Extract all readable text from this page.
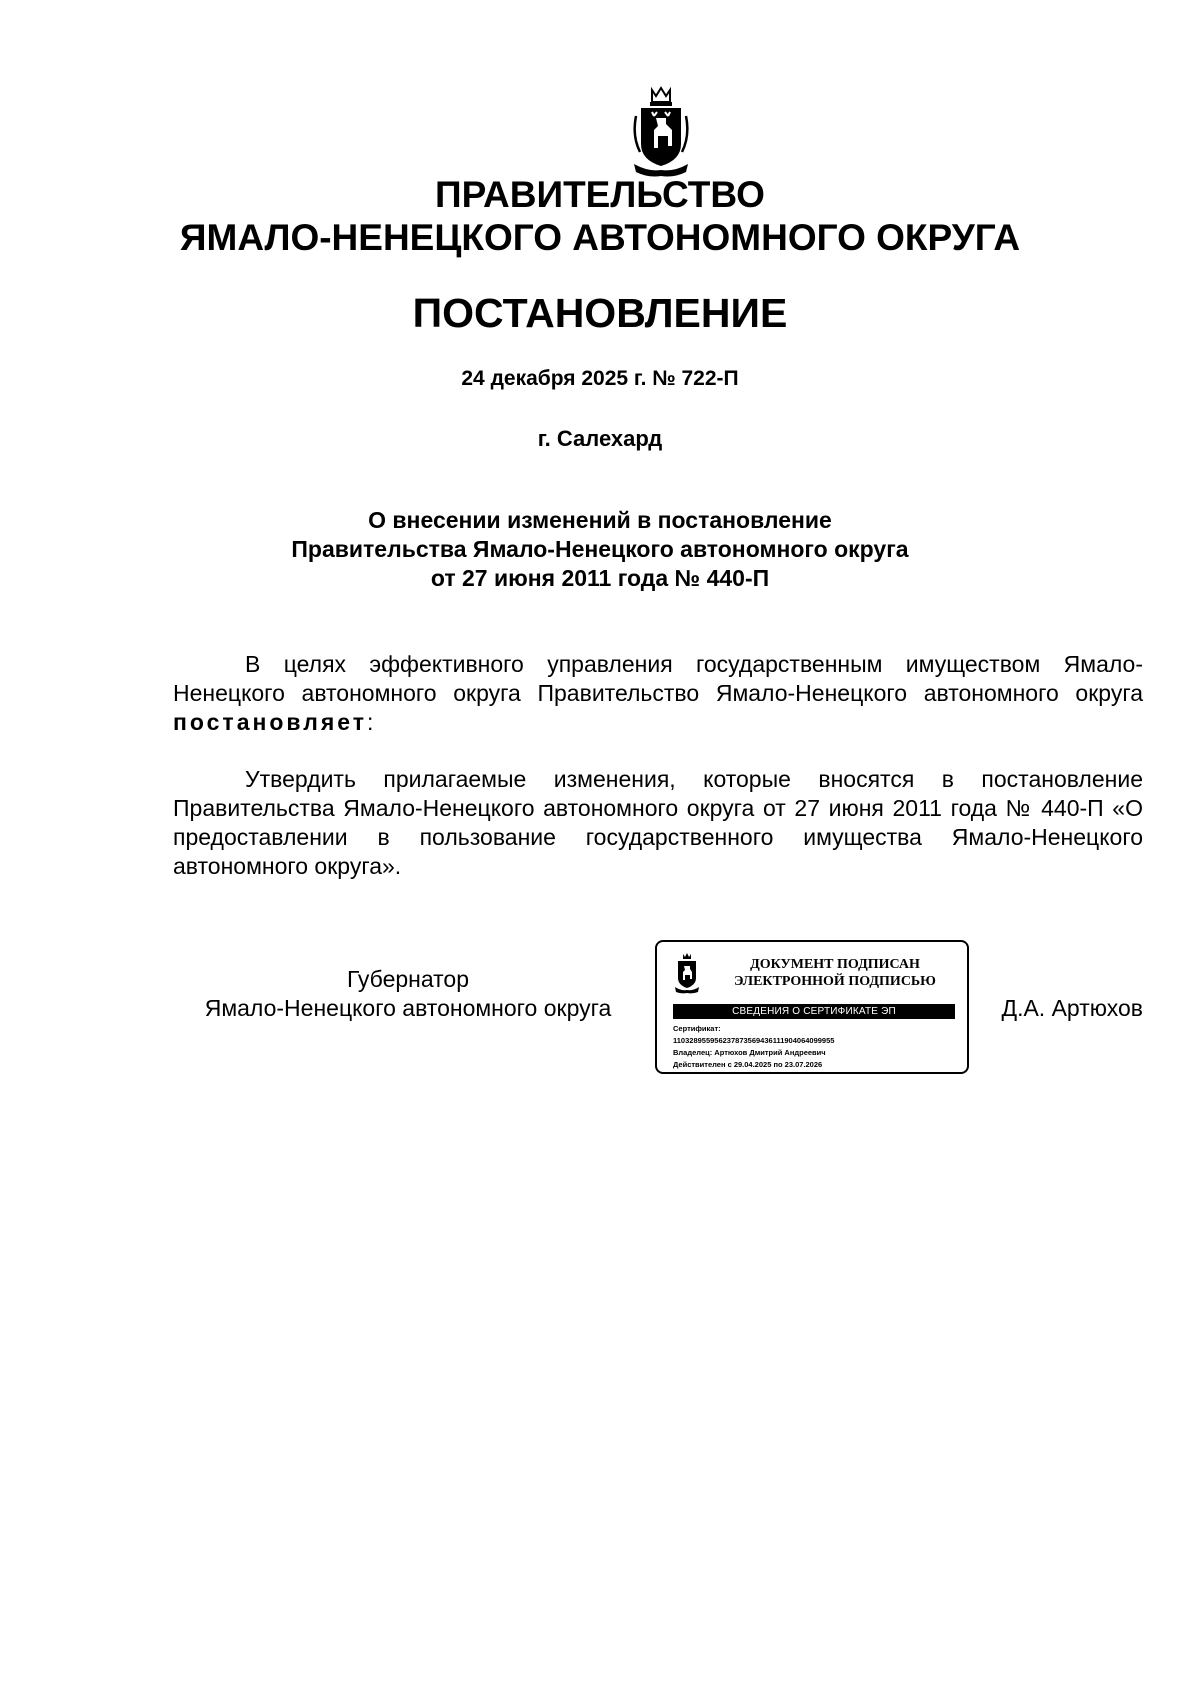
ПРАВИТЕЛЬСТВО
ЯМАЛО-НЕНЕЦКОГО АВТОНОМНОГО ОКРУГА
ПОСТАНОВЛЕНИЕ
24 декабря 2025 г. № 722-П
г. Салехард
О внесении изменений в постановление
Правительства Ямало-Ненецкого автономного округа
от 27 июня 2011 года № 440-П

В целях эффективного управления государственным имуществом Ямало-Ненецкого автономного округа Правительство Ямало-Ненецкого автономного округа постановляет:

Утвердить прилагаемые изменения, которые вносятся в постановление Правительства Ямало-Ненецкого автономного округа от 27 июня 2011 года № 440-П «О предоставлении в пользование государственного имущества Ямало-Ненецкого автономного округа».

Губернатор
Ямало-Ненецкого автономного округа
ДОКУМЕНТ ПОДПИСАН
ЭЛЕКТРОННОЙ ПОДПИСЬЮ
СВЕДЕНИЯ О СЕРТИФИКАТЕ ЭП
Сертификат:
110328955956237873569436111904064099955
Владелец: Артюхов Дмитрий Андреевич
Действителен с 29.04.2025 по 23.07.2026
Д.А. Артюхов
